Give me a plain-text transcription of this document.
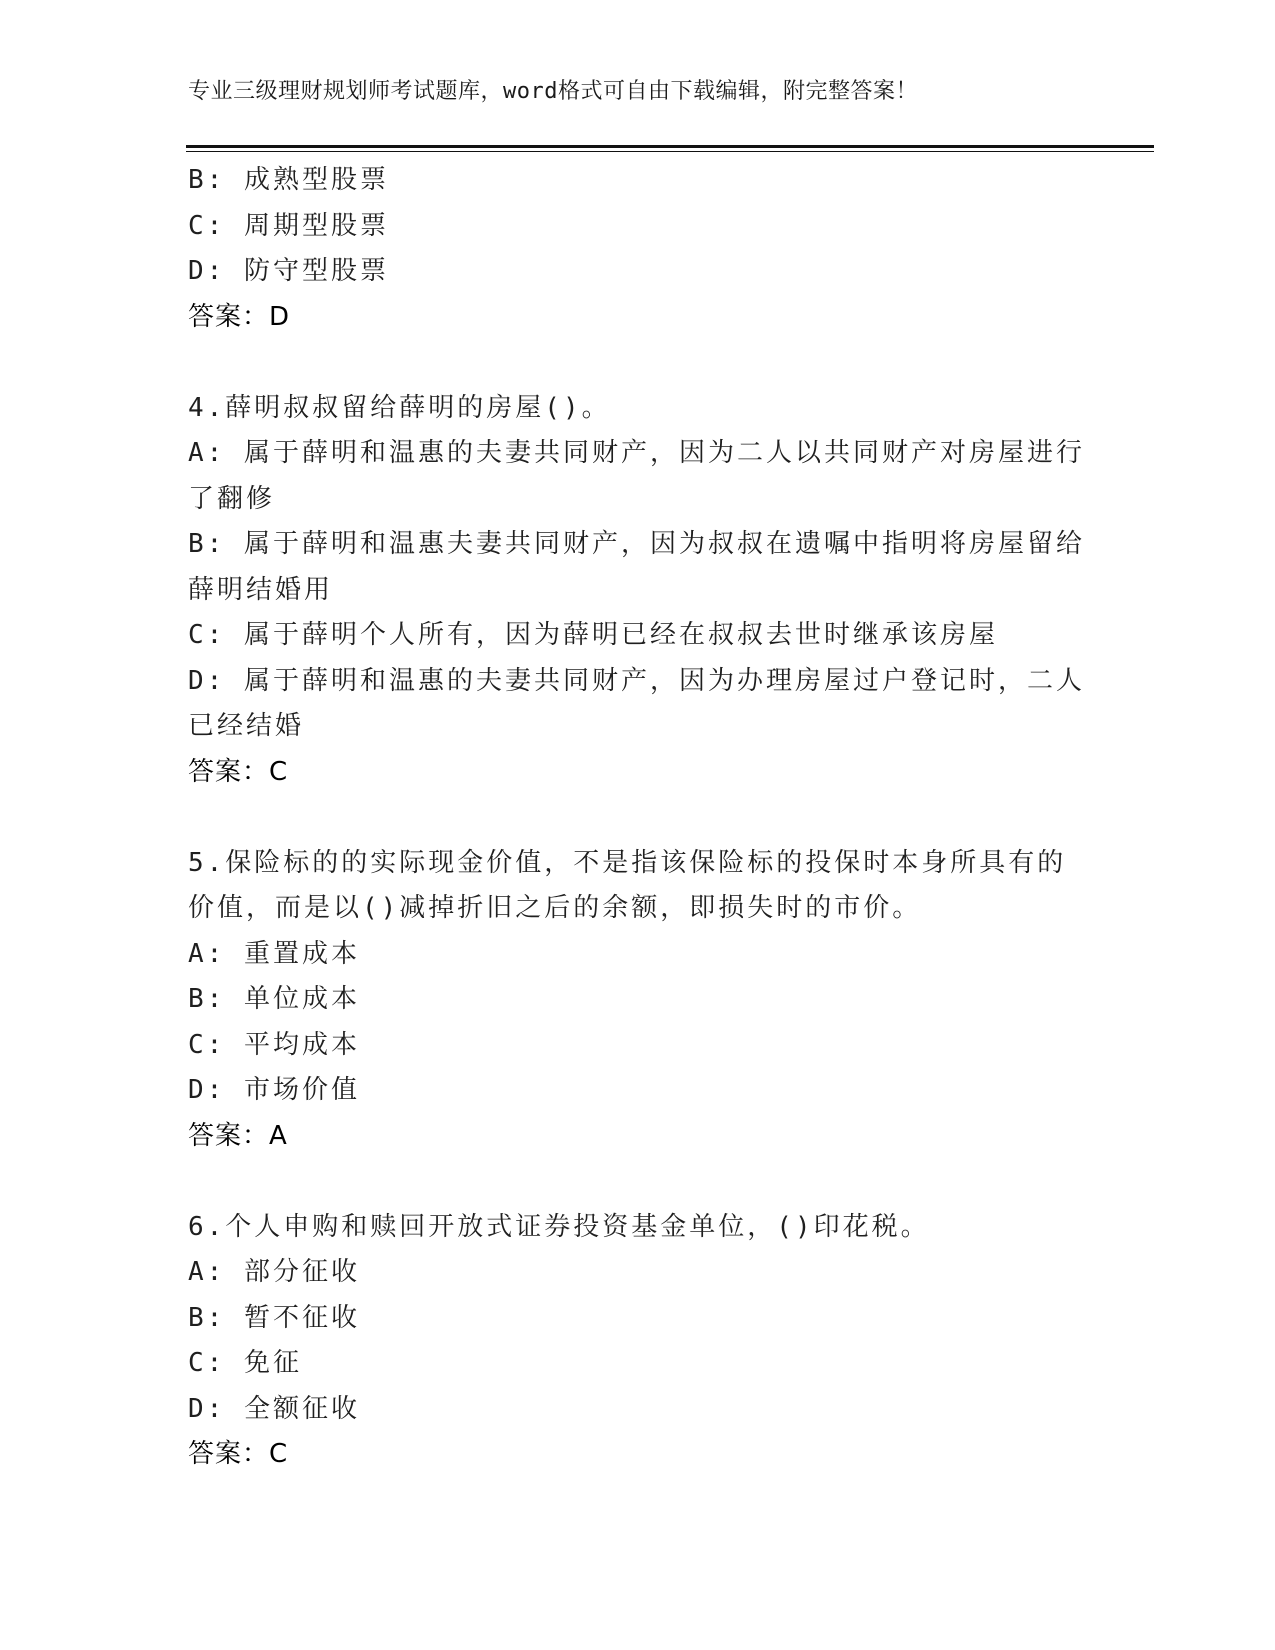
专业三级理财规划师考试题库，word格式可自由下载编辑，附完整答案！
B: 成熟型股票
C: 周期型股票
D: 防守型股票
答案：D
4.薛明叔叔留给薛明的房屋()。
A: 属于薛明和温惠的夫妻共同财产，因为二人以共同财产对房屋进行
了翻修
B: 属于薛明和温惠夫妻共同财产，因为叔叔在遗嘱中指明将房屋留给
薛明结婚用
C: 属于薛明个人所有，因为薛明已经在叔叔去世时继承该房屋
D: 属于薛明和温惠的夫妻共同财产，因为办理房屋过户登记时，二人
已经结婚
答案：C
5.保险标的的实际现金价值，不是指该保险标的投保时本身所具有的
价值，而是以()减掉折旧之后的余额，即损失时的市价。
A: 重置成本
B: 单位成本
C: 平均成本
D: 市场价值
答案：A
6.个人申购和赎回开放式证券投资基金单位，()印花税。
A: 部分征收
B: 暂不征收
C: 免征
D: 全额征收
答案：C
